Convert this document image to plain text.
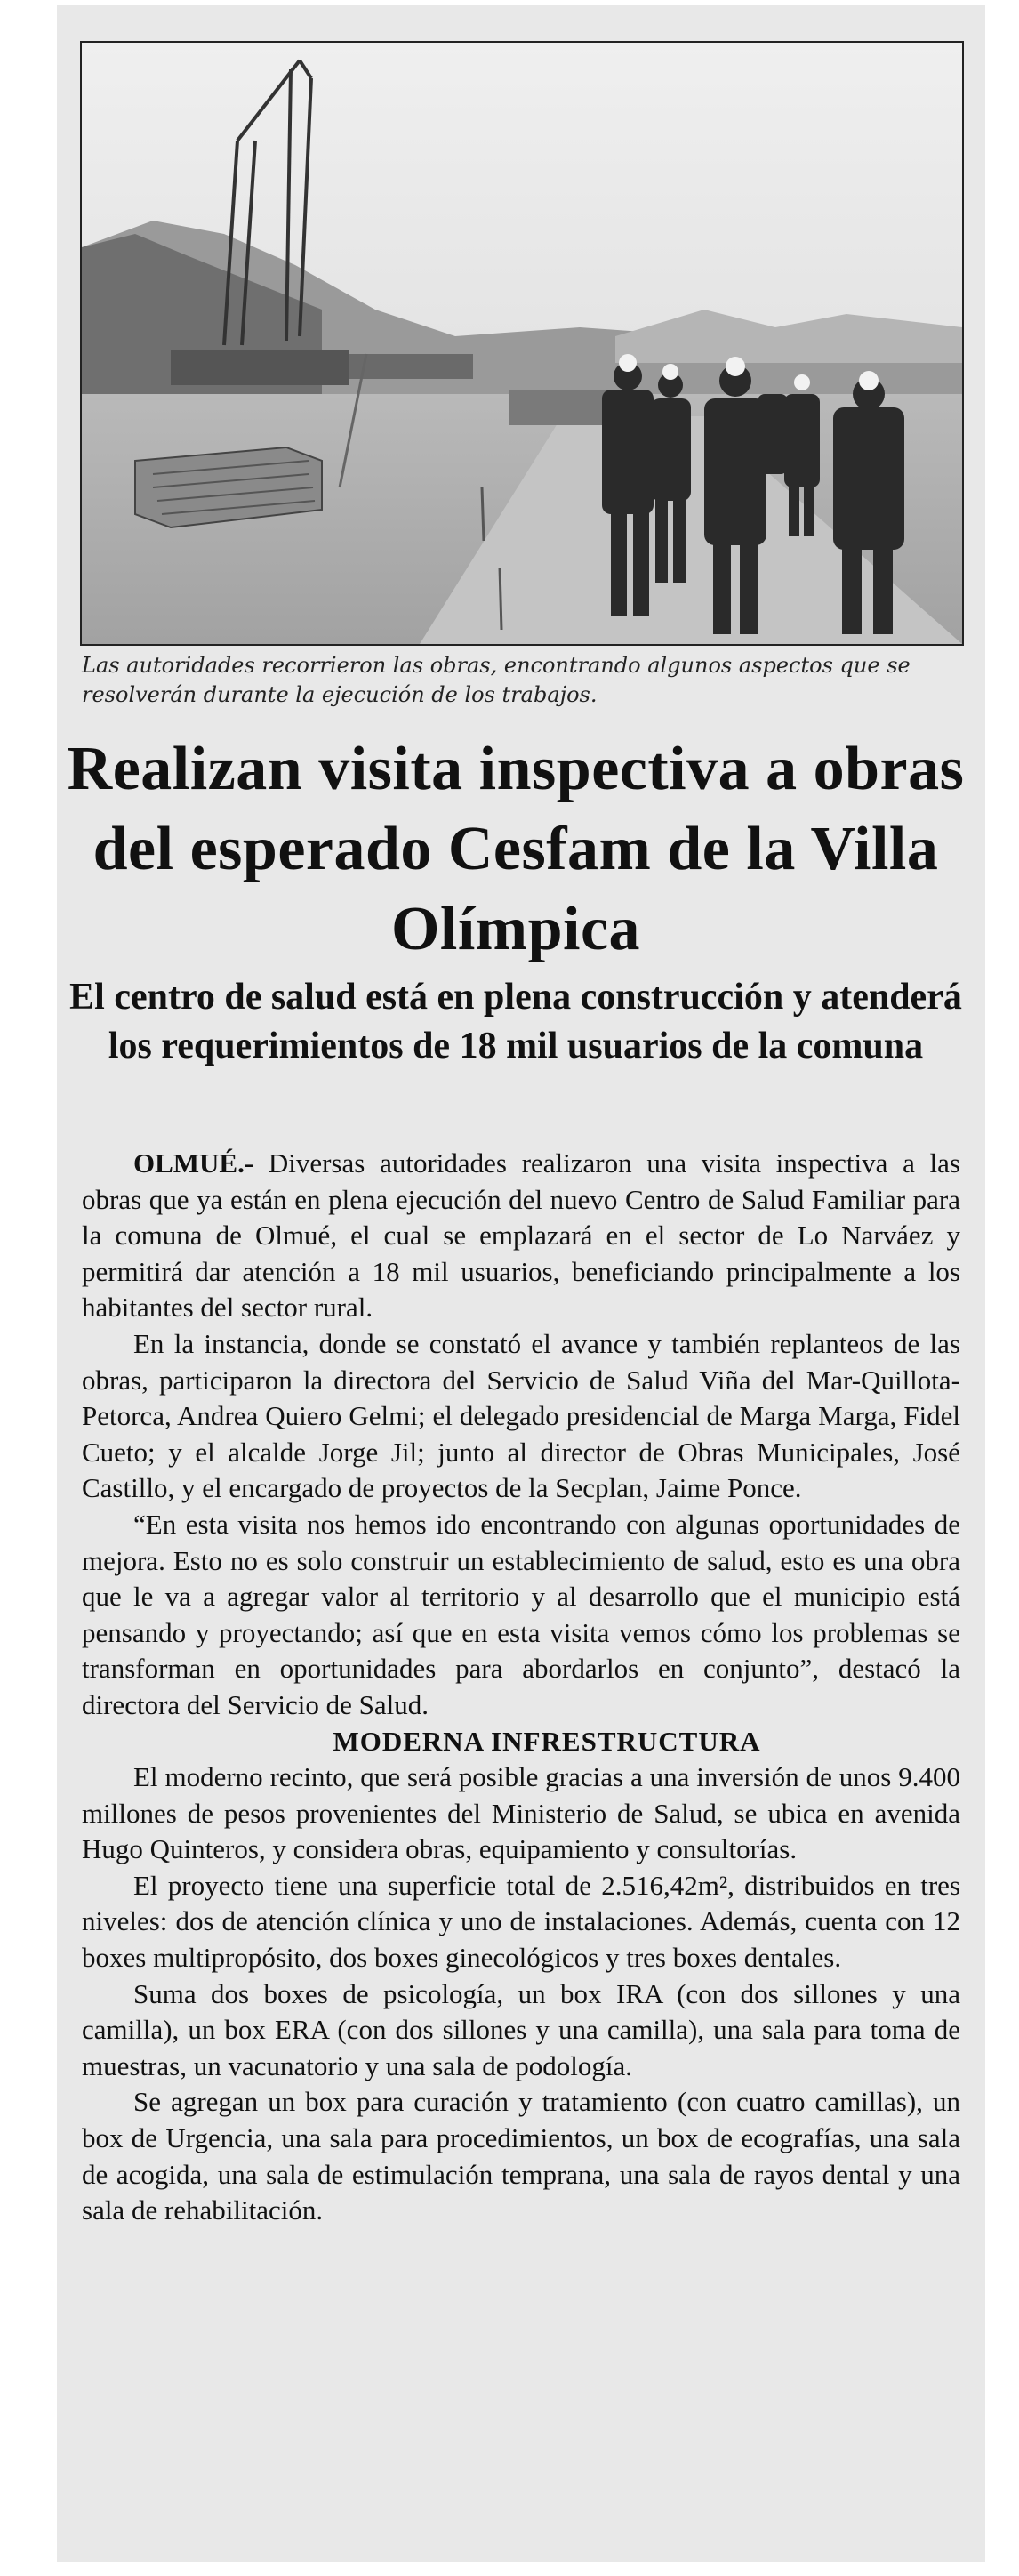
Las autoridades recorrieron las obras, encontrando algunos aspectos que se resolverán durante la ejecución de los trabajos.
Realizan visita inspectiva a obras del esperado Cesfam de la Villa Olímpica
El centro de salud está en plena construcción y atenderá los requerimientos de 18 mil usuarios de la comuna

OLMUÉ.- Diversas autoridades realizaron una visita inspectiva a las obras que ya están en plena ejecución del nuevo Centro de Salud Familiar para la comuna de Olmué, el cual se emplazará en el sector de Lo Narváez y permitirá dar atención a 18 mil usuarios, beneficiando principalmente a los habitantes del sector rural.

En la instancia, donde se constató el avance y también replanteos de las obras, participaron la directora del Servicio de Salud Viña del Mar-Quillota-Petorca, Andrea Quiero Gelmi; el delegado presidencial de Marga Marga, Fidel Cueto; y el alcalde Jorge Jil; junto al director de Obras Municipales, José Castillo, y el encargado de proyectos de la Secplan, Jaime Ponce.

“En esta visita nos hemos ido encontrando con algunas oportunidades de mejora. Esto no es solo construir un establecimiento de salud, esto es una obra que le va a agregar valor al territorio y al desarrollo que el municipio está pensando y proyectando; así que en esta visita vemos cómo los problemas se transforman en oportunidades para abordarlos en conjunto”, destacó la directora del Servicio de Salud.

MODERNA INFRESTRUCTURA

El moderno recinto, que será posible gracias a una inversión de unos 9.400 millones de pesos provenientes del Ministerio de Salud, se ubica en avenida Hugo Quinteros, y considera obras, equipamiento y consultorías.

El proyecto tiene una superficie total de 2.516,42m², distribuidos en tres niveles: dos de atención clínica y uno de instalaciones. Además, cuenta con 12 boxes multipropósito, dos boxes ginecológicos y tres boxes dentales.

Suma dos boxes de psicología, un box IRA (con dos sillones y una camilla), un box ERA (con dos sillones y una camilla), una sala para toma de muestras, un vacunatorio y una sala de podología.

Se agregan un box para curación y tratamiento (con cuatro camillas), un box de Urgencia, una sala para procedimientos, un box de ecografías, una sala de acogida, una sala de estimulación temprana, una sala de rayos dental y una sala de rehabilitación.
